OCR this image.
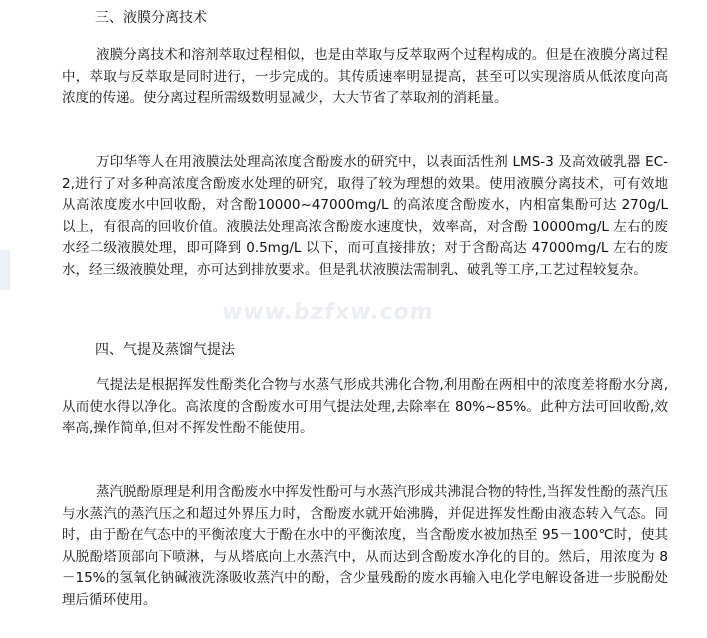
三、液膜分离技术

液膜分离技术和溶剂萃取过程相似，也是由萃取与反萃取两个过程构成的。但是在液膜分离过程中，萃取与反萃取是同时进行，一步完成的。其传质速率明显提高，甚至可以实现溶质从低浓度向高浓度的传递。使分离过程所需级数明显减少，大大节省了萃取剂的消耗量。

万印华等人在用液膜法处理高浓度含酚废水的研究中，以表面活性剂 LMS-3 及高效破乳器 EC-2,进行了对多种高浓度含酚废水处理的研究，取得了较为理想的效果。使用液膜分离技术，可有效地从高浓度废水中回收酚，对含酚10000~47000mg/L 的高浓度含酚废水，内相富集酚可达 270g/L 以上，有很高的回收价值。液膜法处理高浓含酚废水速度快，效率高，对含酚 10000mg/L 左右的废水经二级液膜处理，即可降到 0.5mg/L 以下，而可直接排放；对于含酚高达 47000mg/L 左右的废水，经三级液膜处理，亦可达到排放要求。但是乳状液膜法需制乳、破乳等工序,工艺过程较复杂。

www.bzfxw.com
四、气提及蒸馏气提法

气提法是根据挥发性酚类化合物与水蒸气形成共沸化合物,利用酚在两相中的浓度差将酚水分离,从而使水得以净化。高浓度的含酚废水可用气提法处理,去除率在 80%~85%。此种方法可回收酚,效率高,操作简单,但对不挥发性酚不能使用。

蒸汽脱酚原理是利用含酚废水中挥发性酚可与水蒸汽形成共沸混合物的特性,当挥发性酚的蒸汽压与水蒸汽的蒸汽压之和超过外界压力时，含酚废水就开始沸腾，并促进挥发性酚由液态转入气态。同时，由于酚在气态中的平衡浓度大于酚在水中的平衡浓度，当含酚废水被加热至 95－100℃时，使其从脱酚塔顶部向下喷淋，与从塔底向上水蒸汽中，从而达到含酚废水净化的目的。然后，用浓度为 8－15%的氢氧化钠碱液洗涤吸收蒸汽中的酚，含少量残酚的废水再输入电化学电解设备进一步脱酚处理后循环使用。
